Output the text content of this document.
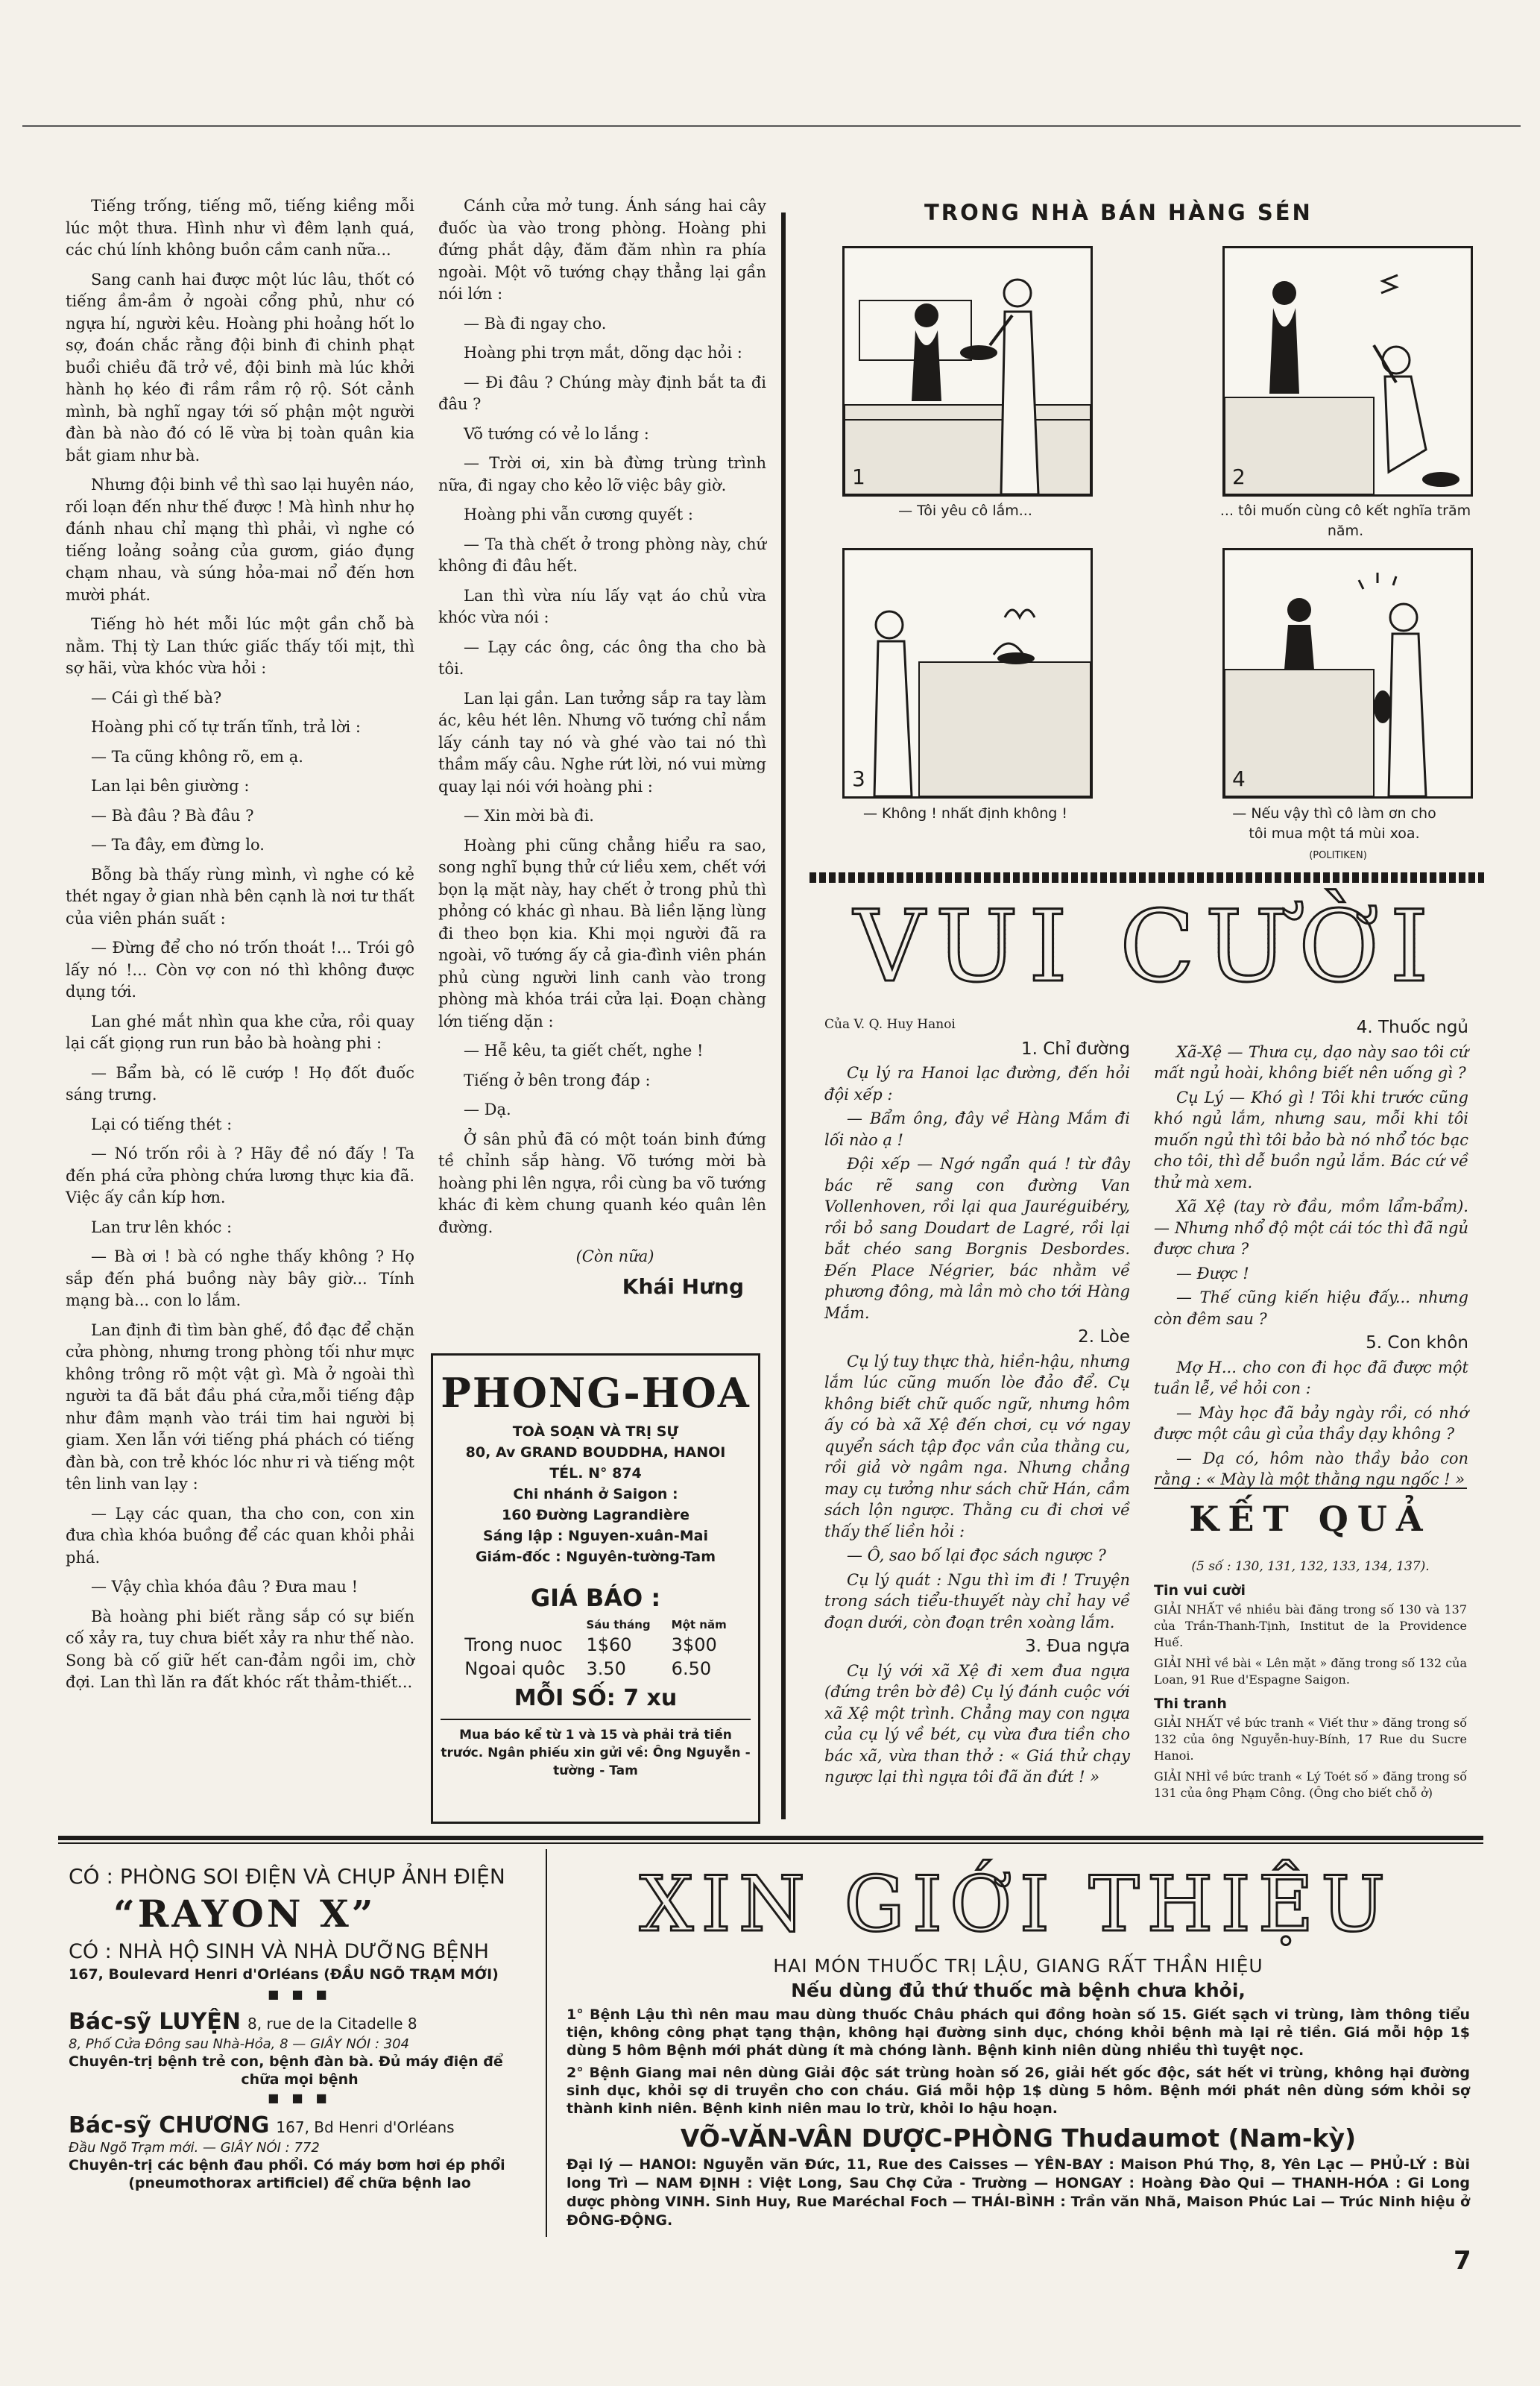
Tiếng trống, tiếng mõ, tiếng kiềng mỗi lúc một thưa. Hình như vì đêm lạnh quá, các chú lính không buồn cầm canh nữa...

Sang canh hai được một lúc lâu, thốt có tiếng ầm-ầm ở ngoài cổng phủ, như có ngựa hí, người kêu. Hoàng phi hoảng hốt lo sợ, đoán chắc rằng đội binh đi chinh phạt buổi chiều đã trở về, đội binh mà lúc khởi hành họ kéo đi rầm rầm rộ rộ. Sót cảnh mình, bà nghĩ ngay tới số phận một người đàn bà nào đó có lẽ vừa bị toàn quân kia bắt giam như bà.

Nhưng đội binh về thì sao lại huyên náo, rối loạn đến như thế được ! Mà hình như họ đánh nhau chỉ mạng thì phải, vì nghe có tiếng loảng soảng của gươm, giáo đụng chạm nhau, và súng hỏa-mai nổ đến hơn mười phát.

Tiếng hò hét mỗi lúc một gần chỗ bà nằm. Thị tỳ Lan thức giấc thấy tối mịt, thì sợ hãi, vừa khóc vừa hỏi :

— Cái gì thế bà?

Hoàng phi cố tự trấn tĩnh, trả lời :

— Ta cũng không rõ, em ạ.

Lan lại bên giường :

— Bà đâu ? Bà đâu ?

— Ta đây, em đừng lo.

Bỗng bà thấy rùng mình, vì nghe có kẻ thét ngay ở gian nhà bên cạnh là nơi tư thất của viên phán suất :

— Đừng để cho nó trốn thoát !... Trói gô lấy nó !... Còn vợ con nó thì không được dụng tới.

Lan ghé mắt nhìn qua khe cửa, rồi quay lại cất giọng run run bảo bà hoàng phi :

— Bẩm bà, có lẽ cướp ! Họ đốt đuốc sáng trưng.

Lại có tiếng thét :

— Nó trốn rồi à ? Hãy đề nó đấy ! Ta đến phá cửa phòng chứa lương thực kia đã. Việc ấy cần kíp hơn.

Lan trư lên khóc :

— Bà ơi ! bà có nghe thấy không ? Họ sắp đến phá buồng này bây giờ... Tính mạng bà... con lo lắm.

Lan định đi tìm bàn ghế, đồ đạc để chặn cửa phòng, nhưng trong phòng tối như mực không trông rõ một vật gì. Mà ở ngoài thì người ta đã bắt đầu phá cửa,mỗi tiếng đập như đâm mạnh vào trái tim hai người bị giam. Xen lẫn với tiếng phá phách có tiếng đàn bà, con trẻ khóc lóc như ri và tiếng một tên linh van lạy :

— Lạy các quan, tha cho con, con xin đưa chìa khóa buồng để các quan khỏi phải phá.

— Vậy chìa khóa đâu ? Đưa mau !

Bà hoàng phi biết rằng sắp có sự biến cố xảy ra, tuy chưa biết xảy ra như thế nào. Song bà cố giữ hết can-đảm ngồi im, chờ đợi. Lan thì lăn ra đất khóc rất thảm-thiết...

Cánh cửa mở tung. Ánh sáng hai cây đuốc ùa vào trong phòng. Hoàng phi đứng phắt dậy, đăm đăm nhìn ra phía ngoài. Một võ tướng chạy thẳng lại gần nói lớn :

— Bà đi ngay cho.

Hoàng phi trợn mắt, dõng dạc hỏi :

— Đi đâu ? Chúng mày định bắt ta đi đâu ?

Võ tướng có vẻ lo lắng :

— Trời ơi, xin bà đừng trùng trình nữa, đi ngay cho kẻo lỡ việc bây giờ.

Hoàng phi vẫn cương quyết :

— Ta thà chết ở trong phòng này, chứ không đi đâu hết.

Lan thì vừa níu lấy vạt áo chủ vừa khóc vừa nói :

— Lạy các ông, các ông tha cho bà tôi.

Lan lại gần. Lan tưởng sắp ra tay làm ác, kêu hét lên. Nhưng võ tướng chỉ nắm lấy cánh tay nó và ghé vào tai nó thì thầm mấy câu. Nghe rứt lời, nó vui mừng quay lại nói với hoàng phi :

— Xin mời bà đi.

Hoàng phi cũng chẳng hiểu ra sao, song nghĩ bụng thử cứ liều xem, chết với bọn lạ mặt này, hay chết ở trong phủ thì phỏng có khác gì nhau. Bà liền lặng lùng đi theo bọn kia. Khi mọi người đã ra ngoài, võ tướng ấy cả gia-đình viên phán phủ cùng người linh canh vào trong phòng mà khóa trái cửa lại. Đoạn chàng lớn tiếng dặn :

— Hễ kêu, ta giết chết, nghe !

Tiếng ở bên trong đáp :

— Dạ.

Ở sân phủ đã có một toán binh đứng tề chỉnh sắp hàng. Võ tướng mời bà hoàng phi lên ngựa, rồi cùng ba võ tướng khác đi kèm chung quanh kéo quân lên đường.

(Còn nữa)

Khái Hưng
PHONG-HOA
TOÀ SOẠN VÀ TRỊ SỰ
80, Av GRAND BOUDDHA, HANOI
TÉL. N° 874
Chi nhánh ở Saigon :
160 Đường Lagrandière
Sáng lập : Nguyen-xuân-Mai
Giám-đốc : Nguyên-tường-Tam
GIÁ BÁO :
	Sáu tháng	Một năm
Trong nuoc	1$60	3$00
Ngoai quôc	3.50	6.50
MỖI SỐ: 7 xu
Mua báo kể từ 1 và 15 và phải trả tiền trước. Ngân phiếu xin gửi về: Ông Nguyễn - tường - Tam
TRONG NHÀ BÁN HÀNG SÉN
1
— Tôi yêu cô lắm...
2
... tôi muốn cùng cô kết nghĩa trăm năm.
3
— Không ! nhất định không !
4
— Nếu vậy thì cô làm ơn cho tôi mua một tá mùi xoa. (POLITIKEN)
VUI CƯỜI

Của V. Q. Huy Hanoi

1. Chỉ đường

Cụ lý ra Hanoi lạc đường, đến hỏi đội xếp :

— Bẩm ông, đây về Hàng Mắm đi lối nào ạ !

Đội xếp — Ngớ ngẩn quá ! từ đây bác rẽ sang con đường Van Vollenhoven, rồi lại qua Jauréguibéry, rồi bỏ sang Doudart de Lagré, rồi lại bắt chéo sang Borgnis Desbordes. Đến Place Négrier, bác nhằm về phương đông, mà lần mò cho tới Hàng Mắm.

2. Lòe

Cụ lý tuy thực thà, hiền-hậu, nhưng lắm lúc cũng muốn lòe đảo để. Cụ không biết chữ quốc ngữ, nhưng hôm ấy có bà xã Xệ đến chơi, cụ vớ ngay quyển sách tập đọc vần của thằng cu, rồi giả vờ ngâm nga. Nhưng chẳng may cụ tưởng như sách chữ Hán, cầm sách lộn ngược. Thằng cu đi chơi về thấy thế liền hỏi :

— Ô, sao bố lại đọc sách ngược ?

Cụ lý quát : Ngu thì im đi ! Truyện trong sách tiểu-thuyết này chỉ hay về đoạn dưới, còn đoạn trên xoàng lắm.

3. Đua ngựa

Cụ lý với xã Xệ đi xem đua ngựa (đứng trên bờ đê) Cụ lý đánh cuộc với xã Xệ một trình. Chẳng may con ngựa của cụ lý về bét, cụ vừa đưa tiền cho bác xã, vừa than thở : « Giá thử chạy ngược lại thì ngựa tôi đã ăn đứt ! »

4. Thuốc ngủ

Xã-Xệ — Thưa cụ, dạo này sao tôi cứ mất ngủ hoài, không biết nên uống gì ?

Cụ Lý — Khó gì ! Tôi khi trước cũng khó ngủ lắm, nhưng sau, mỗi khi tôi muốn ngủ thì tôi bảo bà nó nhổ tóc bạc cho tôi, thì dễ buồn ngủ lắm. Bác cứ về thử mà xem.

Xã Xệ (tay rờ đầu, mồm lẩm-bẩm). — Nhưng nhổ độ một cái tóc thì đã ngủ được chưa ?

— Được !

— Thế cũng kiến hiệu đấy... nhưng còn đêm sau ?

5. Con khôn

Mợ H... cho con đi học đã được một tuần lễ, về hỏi con :

— Mày học đã bảy ngày rồi, có nhớ được một câu gì của thầy dạy không ?

— Dạ có, hôm nào thầy bảo con rằng : « Mày là một thằng ngu ngốc ! »

KẾT QUẢ

(5 số : 130, 131, 132, 133, 134, 137).

Tin vui cười

GIẢI NHẤT về nhiều bài đăng trong số 130 và 137 của Trần-Thanh-Tịnh, Institut de la Providence Huế.

GIẢI NHÌ về bài « Lên mặt » đăng trong số 132 của Loan, 91 Rue d'Espagne Saigon.

Thi tranh

GIẢI NHẤT về bức tranh « Viết thư » đăng trong số 132 của ông Nguyễn-huy-Bính, 17 Rue du Sucre Hanoi.

GIẢI NHÌ về bức tranh « Lý Toét số » đăng trong số 131 của ông Phạm Công. (Ông cho biết chỗ ở)

CÓ : PHÒNG SOI ĐIỆN VÀ CHỤP ẢNH ĐIỆN

“RAYON X”

CÓ : NHÀ HỘ SINH VÀ NHÀ DƯỠNG BỆNH

167, Boulevard Henri d'Orléans (ĐẦU NGÕ TRẠM MỚI)

■ ■ ■

Bác-sỹ LUYỆN 8, rue de la Citadelle 8

8, Phố Cửa Đông sau Nhà-Hỏa, 8 — GIÂY NÓI : 304

Chuyên-trị bệnh trẻ con, bệnh đàn bà. Đủ máy điện để

chữa mọi bệnh

■ ■ ■

Bác-sỹ CHƯƠNG 167, Bd Henri d'Orléans

Đầu Ngõ Trạm mới. — GIÂY NÓI : 772

Chuyên-trị các bệnh đau phổi. Có máy bơm hơi ép phổi

(pneumothorax artificiel) để chữa bệnh lao

XIN GIỚI THIỆU

HAI MÓN THUỐC TRỊ LẬU, GIANG RẤT THẦN HIỆU

Nếu dùng đủ thứ thuốc mà bệnh chưa khỏi,

1° Bệnh Lậu thì nên mau mau dùng thuốc Châu phách qui đồng hoàn số 15. Giết sạch vi trùng, làm thông tiểu tiện, không công phạt tạng thận, không hại đường sinh dục, chóng khỏi bệnh mà lại rẻ tiền. Giá mỗi hộp 1$ dùng 5 hôm Bệnh mới phát dùng ít mà chóng lành. Bệnh kinh niên dùng nhiều thì tuyệt nọc.

2° Bệnh Giang mai nên dùng Giải độc sát trùng hoàn số 26, giải hết gốc độc, sát hết vi trùng, không hại đường sinh dục, khỏi sợ di truyền cho con cháu. Giá mỗi hộp 1$ dùng 5 hôm. Bệnh mới phát nên dùng sớm khỏi sợ thành kinh niên. Bệnh kinh niên mau lo trừ, khỏi lo hậu hoạn.

VÕ-VĂN-VÂN DƯỢC-PHÒNG Thudaumot (Nam-kỳ)

Đại lý — HANOI: Nguyễn văn Đức, 11, Rue des Caisses — YÊN-BAY : Maison Phú Thọ, 8, Yên Lạc — PHỦ-LÝ : Bùi long Trì — NAM ĐỊNH : Việt Long, Sau Chợ Cửa - Trường — HONGAY : Hoàng Đào Qui — THANH-HÓA : Gi Long dược phòng VINH. Sinh Huy, Rue Maréchal Foch — THÁI-BÌNH : Trần văn Nhã, Maison Phúc Lai — Trúc Ninh hiệu ở ĐÔNG-ĐỘNG.

7
